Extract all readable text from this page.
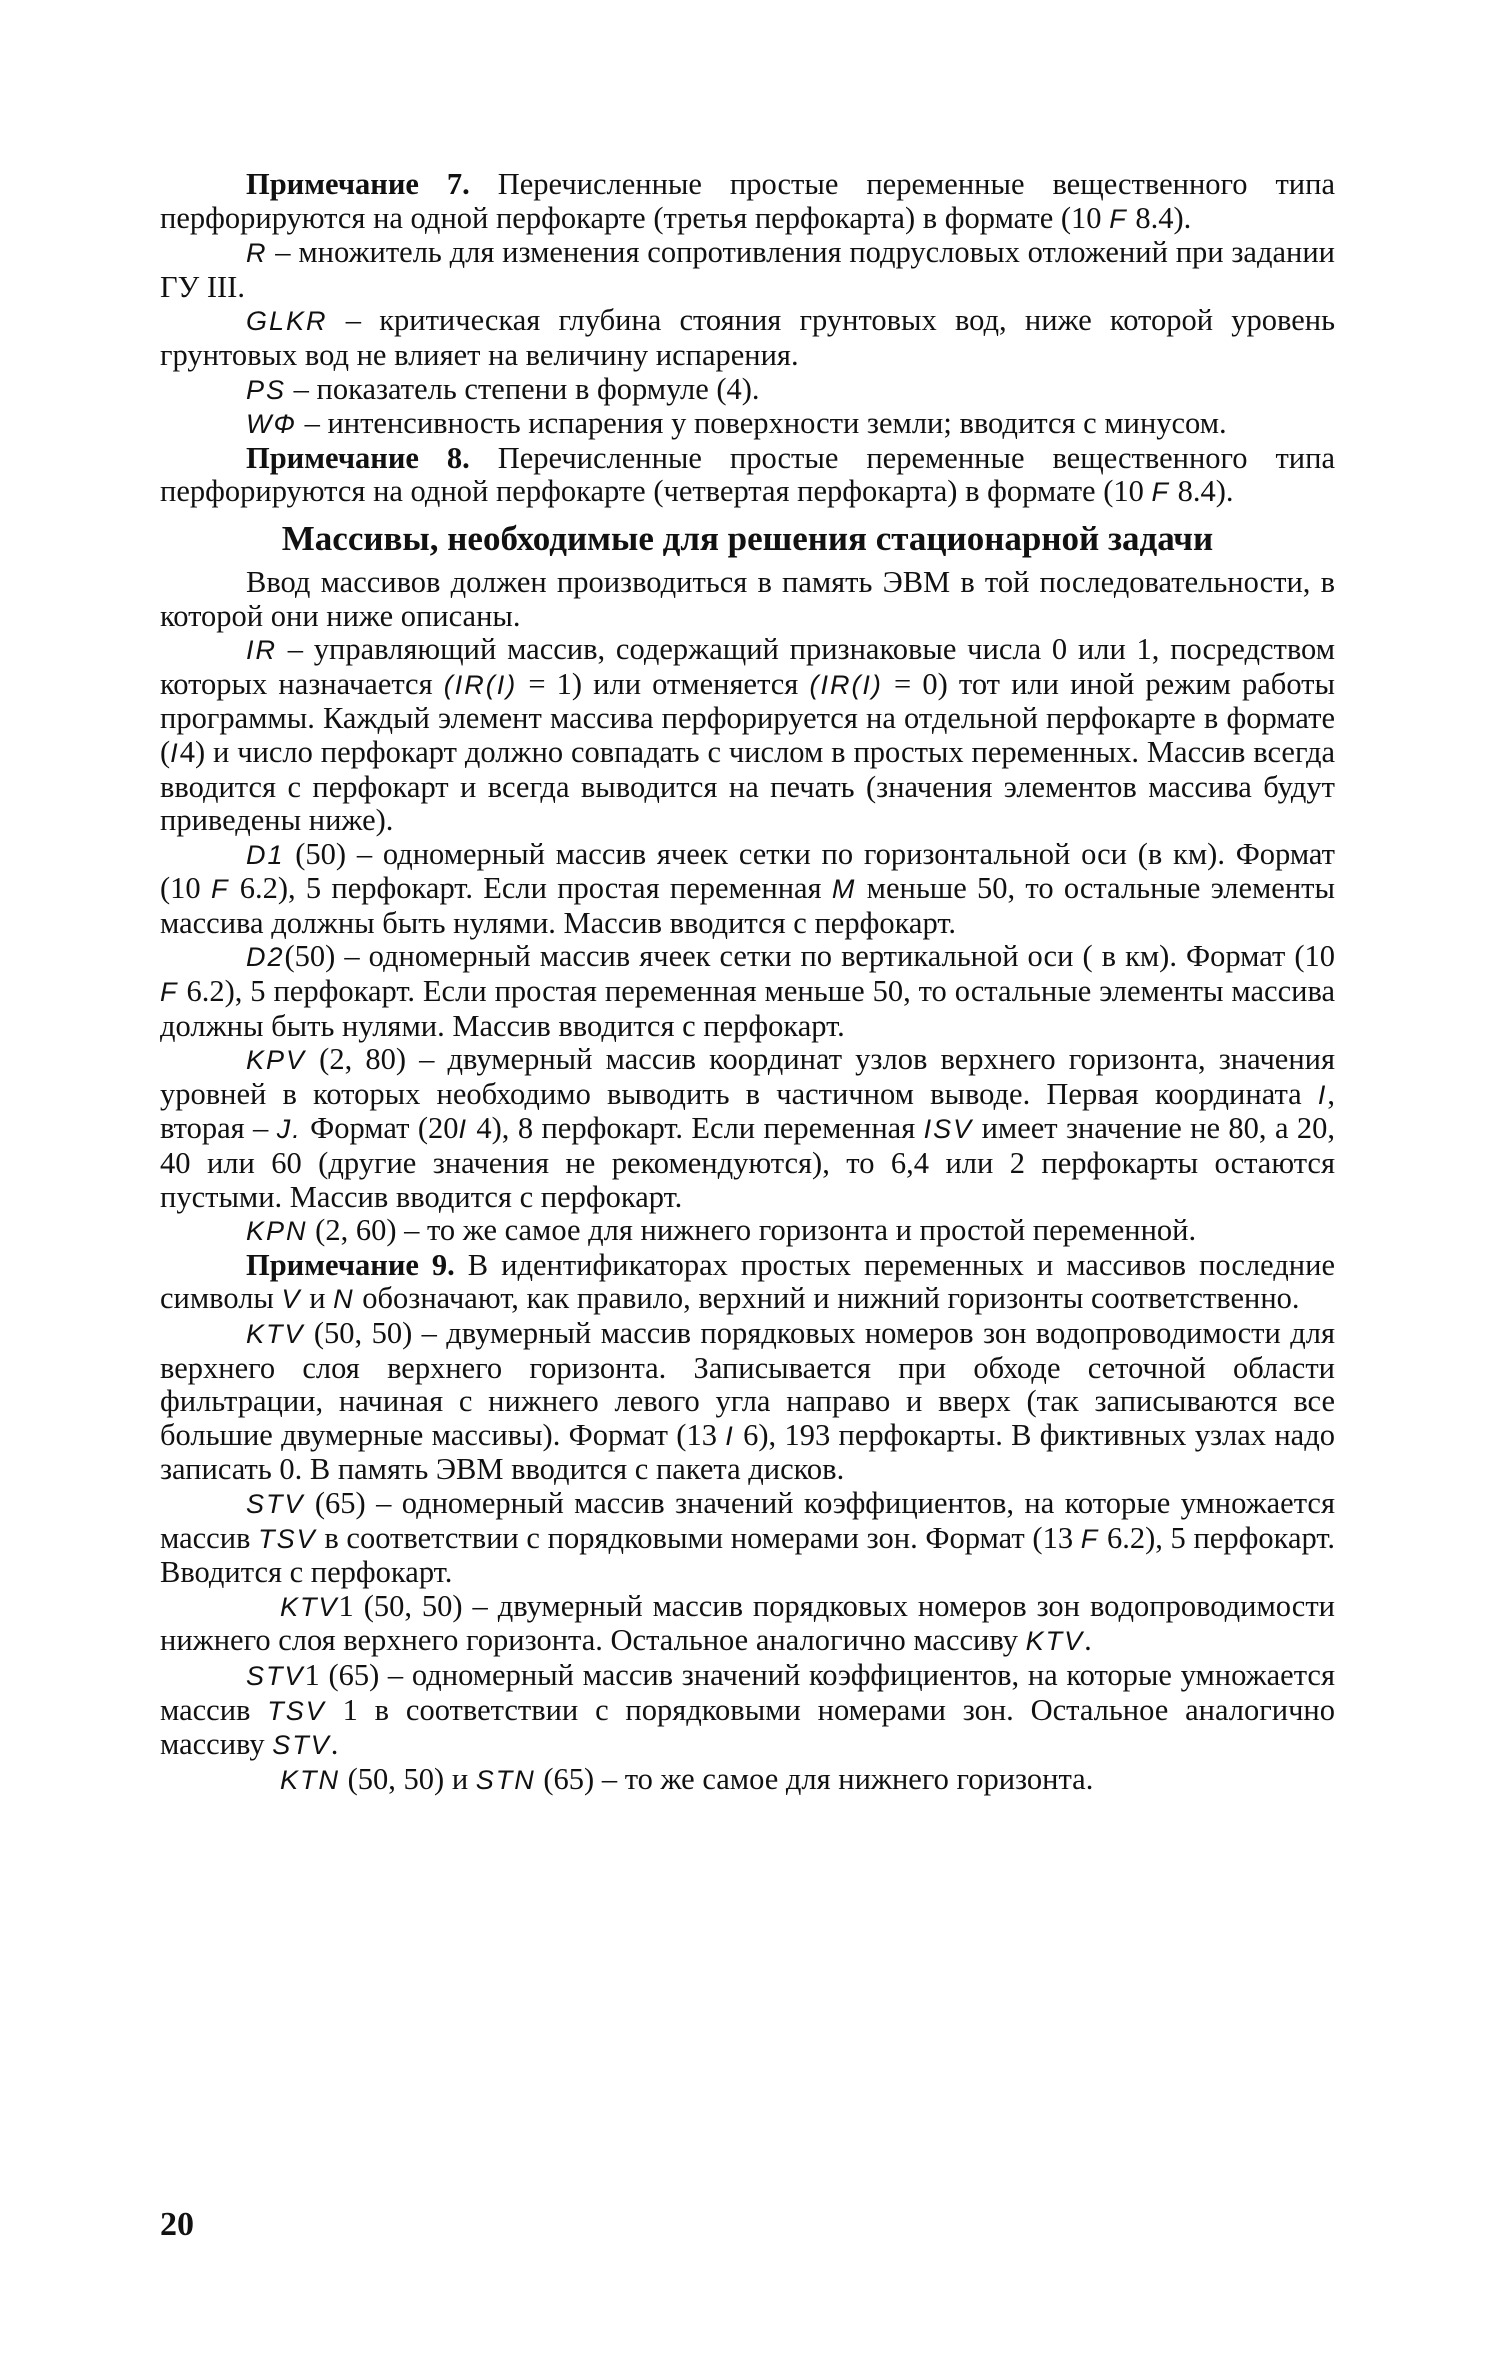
Примечание 7. Перечисленные простые переменные вещественного типа перфорируются на одной перфокарте (третья перфокарта) в формате (10 F 8.4).

R – множитель для изменения сопротивления подрусловых отложений при задании ГУ III.

GLKR – критическая глубина стояния грунтовых вод, ниже которой уровень грунтовых вод не влияет на величину испарения.

PS – показатель степени в формуле (4).

WФ – интенсивность испарения у поверхности земли; вводится с минусом.

Примечание 8. Перечисленные простые переменные вещественного типа перфорируются на одной перфокарте (четвертая перфокарта) в формате (10 F 8.4).

Массивы, необходимые для решения стационарной задачи

Ввод массивов должен производиться в память ЭВМ в той последовательности, в которой они ниже описаны.

IR – управляющий массив, содержащий признаковые числа 0 или 1, посредством которых назначается (IR(I) = 1) или отменяется (IR(I) = 0) тот или иной режим работы программы. Каждый элемент массива перфорируется на отдельной перфокарте в формате (I4) и число перфокарт должно совпадать с числом в простых переменных. Массив всегда вводится с перфокарт и всегда выводится на печать (значения элементов массива будут приведены ниже).

D1 (50) – одномерный массив ячеек сетки по горизонтальной оси (в км). Формат (10 F 6.2), 5 перфокарт. Если простая переменная M меньше 50, то остальные элементы массива должны быть нулями. Массив вводится с перфокарт.

D2(50) – одномерный массив ячеек сетки по вертикальной оси ( в км). Формат (10 F 6.2), 5 перфокарт. Если простая переменная меньше 50, то остальные элементы массива должны быть нулями. Массив вводится с перфокарт.

KPV (2, 80) – двумерный массив координат узлов верхнего горизонта, значения уровней в которых необходимо выводить в частичном выводе. Первая координата I, вторая – J. Формат (20I 4), 8 перфокарт. Если переменная ISV имеет значение не 80, а 20, 40 или 60 (другие значения не рекомендуются), то 6,4 или 2 перфокарты остаются пустыми. Массив вводится с перфокарт.

KPN (2, 60) – то же самое для нижнего горизонта и простой переменной.

Примечание 9. В идентификаторах простых переменных и массивов последние символы V и N обозначают, как правило, верхний и нижний горизонты соответственно.

KTV (50, 50) – двумерный массив порядковых номеров зон водопроводимости для верхнего слоя верхнего горизонта. Записывается при обходе сеточной области фильтрации, начиная с нижнего левого угла направо и вверх (так записываются все большие двумерные массивы). Формат (13 I 6), 193 перфокарты. В фиктивных узлах надо записать 0. В память ЭВМ вводится с пакета дисков.

STV (65) – одномерный массив значений коэффициентов, на которые умножается массив TSV в соответствии с порядковыми номерами зон. Формат (13 F 6.2), 5 перфокарт. Вводится с перфокарт.

KTV1 (50, 50) – двумерный массив порядковых номеров зон водопроводимости нижнего слоя верхнего горизонта. Остальное аналогично массиву KTV.

STV1 (65) – одномерный массив значений коэффициентов, на которые умножается массив TSV 1 в соответствии с порядковыми номерами зон. Остальное аналогично массиву STV.

KTN (50, 50) и STN (65) – то же самое для нижнего горизонта.

20
